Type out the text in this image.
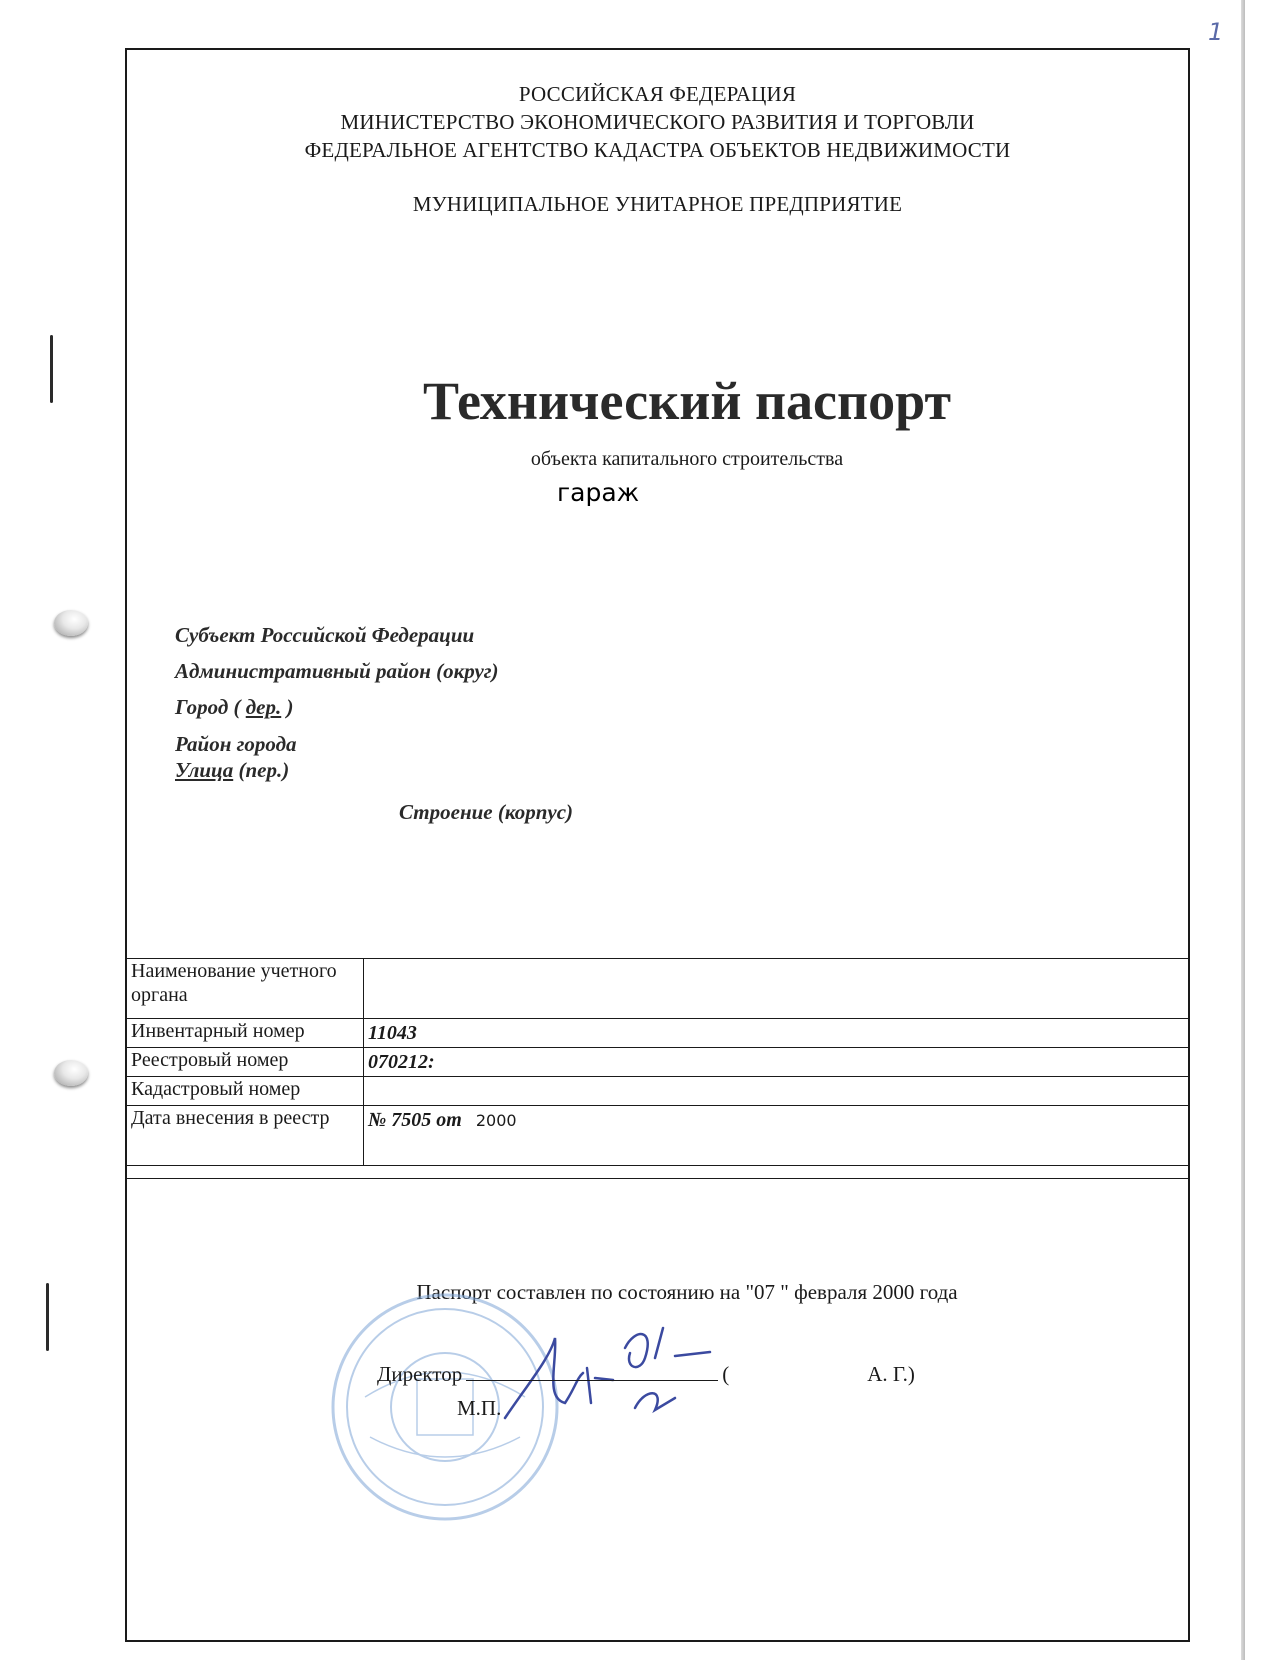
1
РОССИЙСКАЯ ФЕДЕРАЦИЯ
МИНИСТЕРСТВО ЭКОНОМИЧЕСКОГО РАЗВИТИЯ И ТОРГОВЛИ
ФЕДЕРАЛЬНОЕ АГЕНТСТВО КАДАСТРА ОБЪЕКТОВ НЕДВИЖИМОСТИ
МУНИЦИПАЛЬНОЕ УНИТАРНОЕ ПРЕДПРИЯТИЕ
Технический паспорт
объекта капитального строительства
гараж
Субъект Российской Федерации
Административный район (округ)
Город ( дер. )
Район города
Улица (пер.)
Строение (корпус)
Наименование учетного органа	
Инвентарный номер	11043
Реестровый номер	070212:
Кадастровый номер	
Дата внесения в реестр	№ 7505 от 2000
Паспорт составлен по состоянию на "07 " февраля 2000 года
Директор	(	А. Г.)
М.П.
